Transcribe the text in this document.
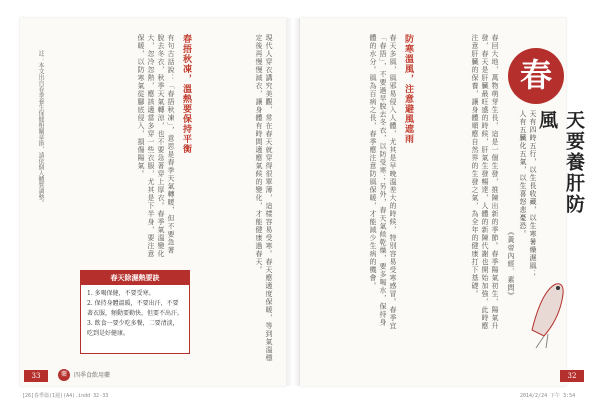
春
天要養肝防風
天有四時五行，以生長收藏，以生寒暑燥濕風；人有五臟化五氣，以生喜怒悲憂恐。
《黃帝內經．素問》
春回大地，萬物萌芽生長，這是一個生發，推陳出新的季節。春季陽氣初生，陽氣升發，春天是肝臟最旺盛的時候，肝氣生發暢達，人體的新陳代謝也開始加強，此時應注意肝臟的保養，讓身體順應自然界的生發之氣，為全年的健康打下基礎。
防寒溫風，注意避風遮雨
春天多風，風邪易侵入人體，尤其是早晚溫差大的時候，特別容易受寒感冒。春季宜「春捂」，不要過早脫去冬衣，以防受寒；另外，春天氣候乾燥，要多喝水，保持身體的水分。風為百病之長，春季應注意防風保暖，才能減少生病的機會。
32
2014/2/24 下午 3:54
現代人穿衣講究美觀，常在春天就穿得很單薄，這樣容易受寒。春天應適度保暖，等到氣溫穩定後再慢慢減衣，讓身體有時間適應氣候的變化，才能健康過春天。
春捂秋凍，溫熱要保持平衡
有句古話說：「春捂秋凍」，意思是春季天氣轉暖，但不要急著脫去冬衣，秋季天氣轉涼，也不要急著穿上厚衣。春季氣溫變化大，忽冷忽熱，應該適當多穿一些衣服，尤其是下半身，要注意保暖，以防寒氣從腳底侵入，損傷陽氣。
春天除濕熱要訣
1. 多喝保健，不要受寒。
2. 保持身體溫暖，不要出汗，不要著衣服，頻動要勤快，但要不出汗。
3. 飲食一要少吃多餐，二要清淡，吃到是好健康。
註：本文出自春季養生保健相關章節，請依個人體質調整。
33	藥	四季食飲用藥
[26]春季篇(1週)(A4).indd 32-33
